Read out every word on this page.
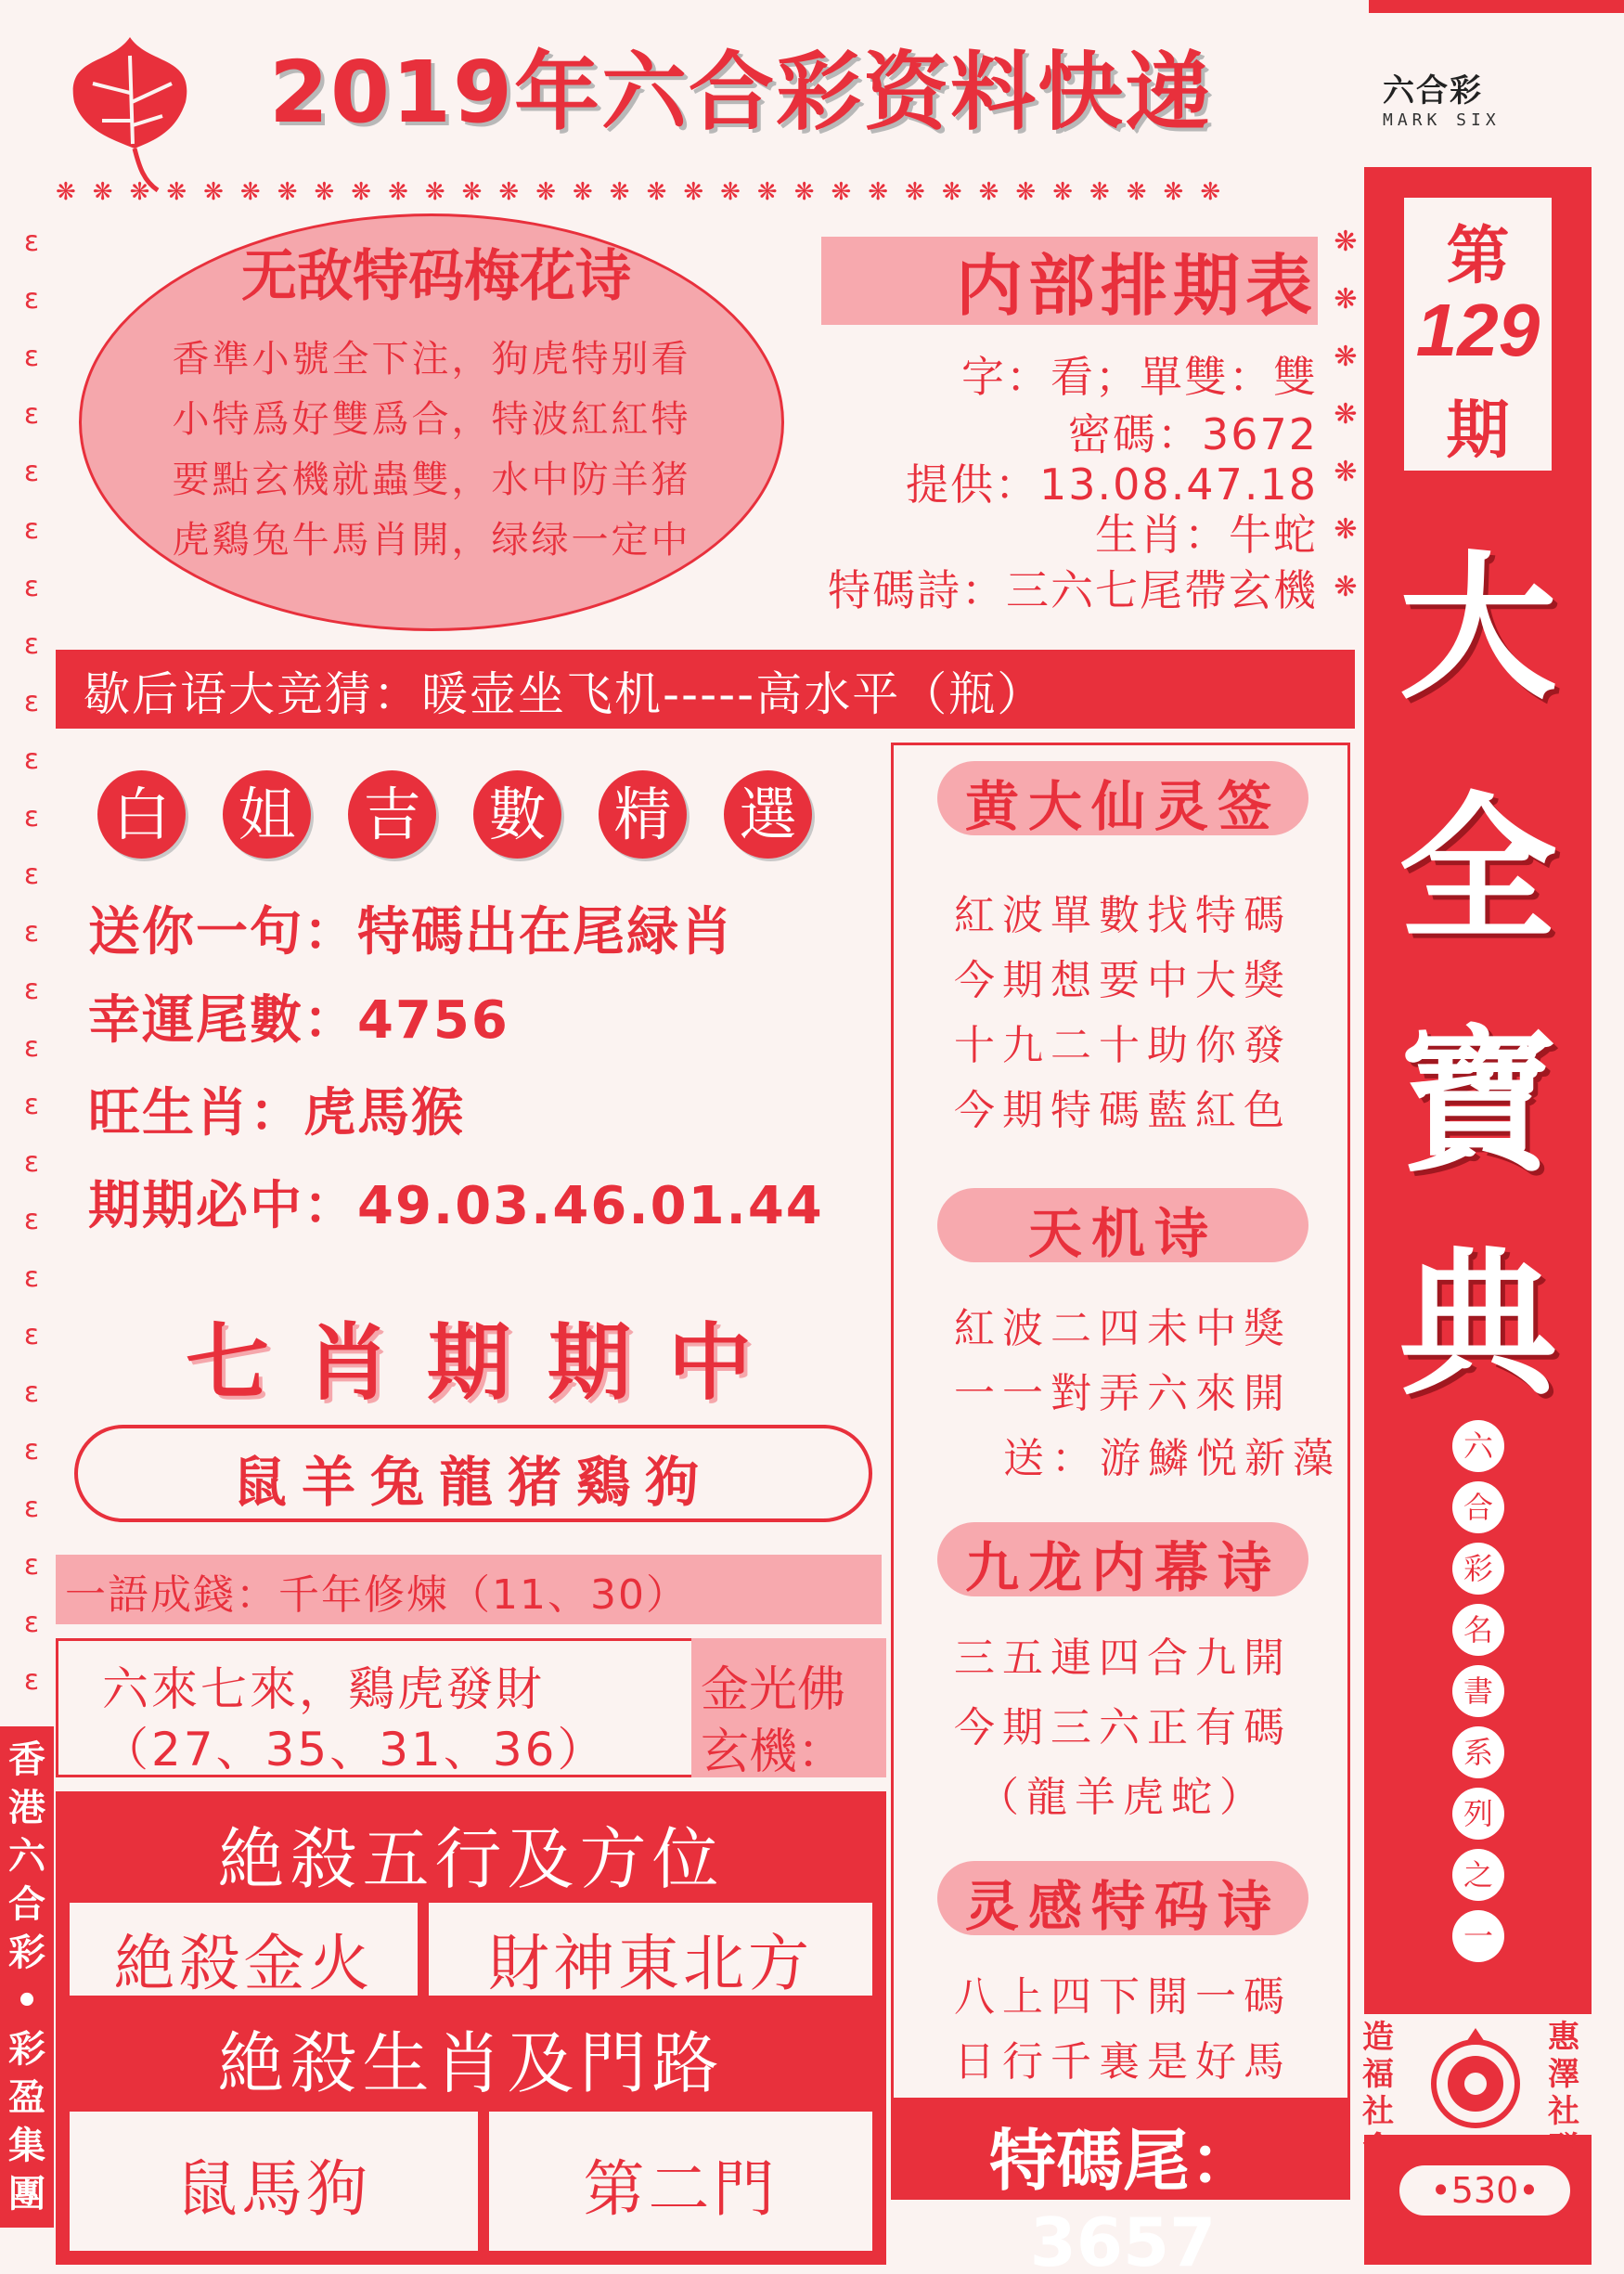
2019年六合彩资料快递	六合彩
MARK SIX
❋❋❋❋❋❋❋❋❋❋❋❋❋❋❋❋❋❋❋❋❋❋❋❋❋❋❋❋❋❋❋❋
ɛ
ɛ
ɛ
ɛ
ɛ
ɛ
ɛ
ɛ
ɛ
ɛ
ɛ
ɛ
ɛ
ɛ
ɛ
ɛ
ɛ
ɛ
ɛ
ɛ
ɛ
ɛ
ɛ
ɛ
ɛ
ɛ
❋
❋
❋
❋
❋
❋
❋
无敌特码梅花诗
香準小號全下注，狗虎特别看
小特爲好雙爲合，特波紅紅特
要點玄機就蟲雙，水中防羊猪
虎鷄兔牛馬肖開，绿绿一定中
内部排期表
字：看；單雙：雙
密碼：3672
提供：13.08.47.18
生肖：牛蛇
特碼詩：三六七尾帶玄機
第
129
期
大
全
寶
典
六
合
彩
名
書
系
列
之
一
造
福
社
會
惠
澤
社
群
•530•
歇后语大竞猜：暖壶坐飞机-----高水平（瓶）
白 姐 吉 數 精 選
送你一句：特碼出在尾緑肖
幸運尾數：4756
旺生肖：虎馬猴
期期必中：49.03.46.01.44
七肖期期中
鼠羊兔龍猪鷄狗
一語成錢：千年修煉（11、30）
六來七來，鷄虎發財
（27、35、31、36）
金光佛
玄機：
絶殺五行及方位
絶殺金火	財神東北方
絶殺生肖及門路
鼠馬狗	第二門
黄大仙灵签
紅波單數找特碼
今期想要中大獎
十九二十助你發
今期特碼藍紅色
天机诗
紅波二四未中獎
一一對弄六來開
送：游鱗悦新藻
九龙内幕诗
三五連四合九開
今期三六正有碼
（龍羊虎蛇）
灵感特码诗
八上四下開一碼
日行千裏是好馬
特碼尾：3657
香港六合彩•彩盈集團
